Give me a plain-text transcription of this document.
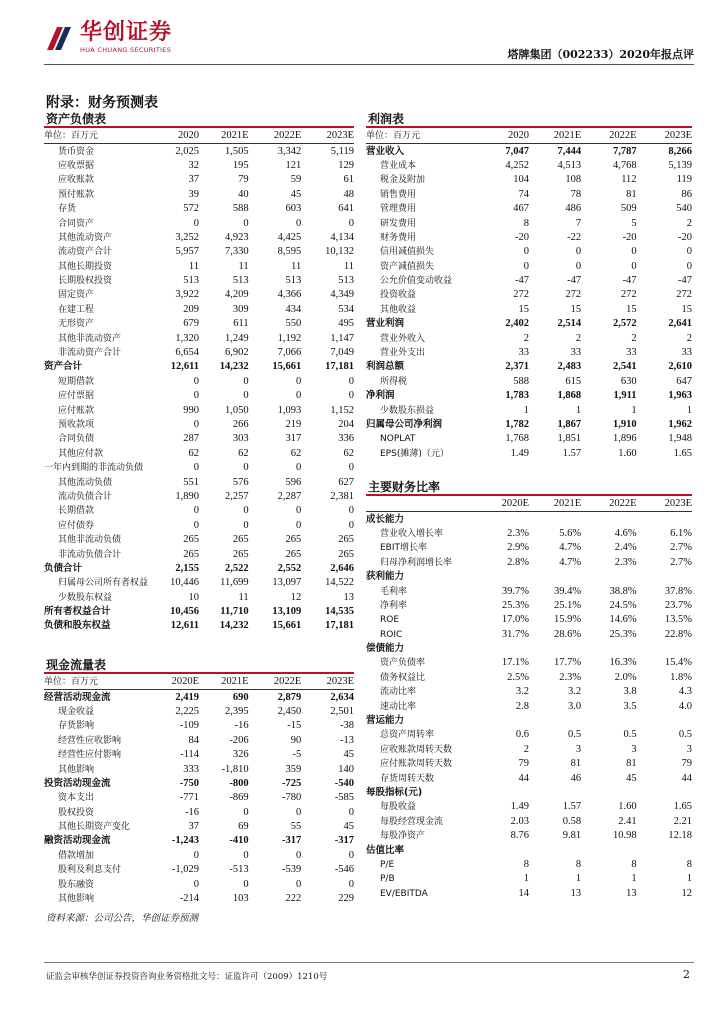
华创证券
HUA CHUANG SECURITIES	塔牌集团（002233）2020年报点评
附录：财务预测表
资产负债表	利润表
现金流量表
主要财务比率
单位：百万元	2020	2021E	2022E	2023E
货币资金	2,025	1,505	3,342	5,119
应收票据	32	195	121	129
应收账款	37	79	59	61
预付账款	39	40	45	48
存货	572	588	603	641
合同资产	0	0	0	0
其他流动资产	3,252	4,923	4,425	4,134
流动资产合计	5,957	7,330	8,595	10,132
其他长期投资	11	11	11	11
长期股权投资	513	513	513	513
固定资产	3,922	4,209	4,366	4,349
在建工程	209	309	434	534
无形资产	679	611	550	495
其他非流动资产	1,320	1,249	1,192	1,147
非流动资产合计	6,654	6,902	7,066	7,049
资产合计	12,611	14,232	15,661	17,181
短期借款	0	0	0	0
应付票据	0	0	0	0
应付账款	990	1,050	1,093	1,152
预收款项	0	266	219	204
合同负债	287	303	317	336
其他应付款	62	62	62	62
一年内到期的非流动负债	0	0	0	0
其他流动负债	551	576	596	627
流动负债合计	1,890	2,257	2,287	2,381
长期借款	0	0	0	0
应付债券	0	0	0	0
其他非流动负债	265	265	265	265
非流动负债合计	265	265	265	265
负债合计	2,155	2,522	2,552	2,646
归属母公司所有者权益	10,446	11,699	13,097	14,522
少数股东权益	10	11	12	13
所有者权益合计	10,456	11,710	13,109	14,535
负债和股东权益	12,611	14,232	15,661	17,181
单位：百万元	2020	2021E	2022E	2023E
营业收入	7,047	7,444	7,787	8,266
营业成本	4,252	4,513	4,768	5,139
税金及附加	104	108	112	119
销售费用	74	78	81	86
管理费用	467	486	509	540
研发费用	8	7	5	2
财务费用	-20	-22	-20	-20
信用减值损失	0	0	0	0
资产减值损失	0	0	0	0
公允价值变动收益	-47	-47	-47	-47
投资收益	272	272	272	272
其他收益	15	15	15	15
营业利润	2,402	2,514	2,572	2,641
营业外收入	2	2	2	2
营业外支出	33	33	33	33
利润总额	2,371	2,483	2,541	2,610
所得税	588	615	630	647
净利润	1,783	1,868	1,911	1,963
少数股东损益	1	1	1	1
归属母公司净利润	1,782	1,867	1,910	1,962
NOPLAT	1,768	1,851	1,896	1,948
EPS(摊薄)（元）	1.49	1.57	1.60	1.65
单位：百万元	2020E	2021E	2022E	2023E
经营活动现金流	2,419	690	2,879	2,634
现金收益	2,225	2,395	2,450	2,501
存货影响	-109	-16	-15	-38
经营性应收影响	84	-206	90	-13
经营性应付影响	-114	326	-5	45
其他影响	333	-1,810	359	140
投资活动现金流	-750	-800	-725	-540
资本支出	-771	-869	-780	-585
股权投资	-16	0	0	0
其他长期资产变化	37	69	55	45
融资活动现金流	-1,243	-410	-317	-317
借款增加	0	0	0	0
股利及利息支付	-1,029	-513	-539	-546
股东融资	0	0	0	0
其他影响	-214	103	222	229
	2020E	2021E	2022E	2023E
成长能力				
营业收入增长率	2.3%	5.6%	4.6%	6.1%
EBIT增长率	2.9%	4.7%	2.4%	2.7%
归母净利润增长率	2.8%	4.7%	2.3%	2.7%
获利能力				
毛利率	39.7%	39.4%	38.8%	37.8%
净利率	25.3%	25.1%	24.5%	23.7%
ROE	17.0%	15.9%	14.6%	13.5%
ROIC	31.7%	28.6%	25.3%	22.8%
偿债能力				
资产负债率	17.1%	17.7%	16.3%	15.4%
债务权益比	2.5%	2.3%	2.0%	1.8%
流动比率	3.2	3.2	3.8	4.3
速动比率	2.8	3.0	3.5	4.0
营运能力				
总资产周转率	0.6	0.5	0.5	0.5
应收账款周转天数	2	3	3	3
应付账款周转天数	79	81	81	79
存货周转天数	44	46	45	44
每股指标(元)				
每股收益	1.49	1.57	1.60	1.65
每股经营现金流	2.03	0.58	2.41	2.21
每股净资产	8.76	9.81	10.98	12.18
估值比率				
P/E	8	8	8	8
P/B	1	1	1	1
EV/EBITDA	14	13	13	12
资料来源：公司公告，华创证券预测
证监会审核华创证券投资咨询业务资格批文号：证监许可（2009）1210号	2
